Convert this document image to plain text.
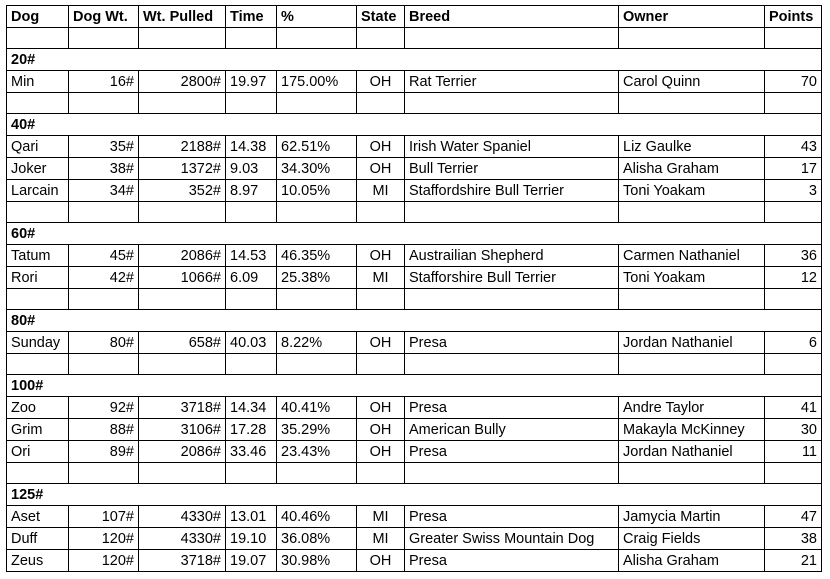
Dog	Dog Wt.	Wt. Pulled	Time	%	State	Breed	Owner	Points

20#								
Min	16#	2800#	19.97	175.00%	OH	Rat Terrier	Carol Quinn	70

40#								
Qari	35#	2188#	14.38	62.51%	OH	Irish Water Spaniel	Liz Gaulke	43
Joker	38#	1372#	9.03	34.30%	OH	Bull Terrier	Alisha Graham	17
Larcain	34#	352#	8.97	10.05%	MI	Staffordshire Bull Terrier	Toni Yoakam	3

60#								
Tatum	45#	2086#	14.53	46.35%	OH	Austrailian Shepherd	Carmen Nathaniel	36
Rori	42#	1066#	6.09	25.38%	MI	Stafforshire Bull Terrier	Toni Yoakam	12

80#								
Sunday	80#	658#	40.03	8.22%	OH	Presa	Jordan Nathaniel	6

100#								
Zoo	92#	3718#	14.34	40.41%	OH	Presa	Andre Taylor	41
Grim	88#	3106#	17.28	35.29%	OH	American Bully	Makayla McKinney	30
Ori	89#	2086#	33.46	23.43%	OH	Presa	Jordan Nathaniel	11

125#								
Aset	107#	4330#	13.01	40.46%	MI	Presa	Jamycia Martin	47
Duff	120#	4330#	19.10	36.08%	MI	Greater Swiss Mountain Dog	Craig Fields	38
Zeus	120#	3718#	19.07	30.98%	OH	Presa	Alisha Graham	21
